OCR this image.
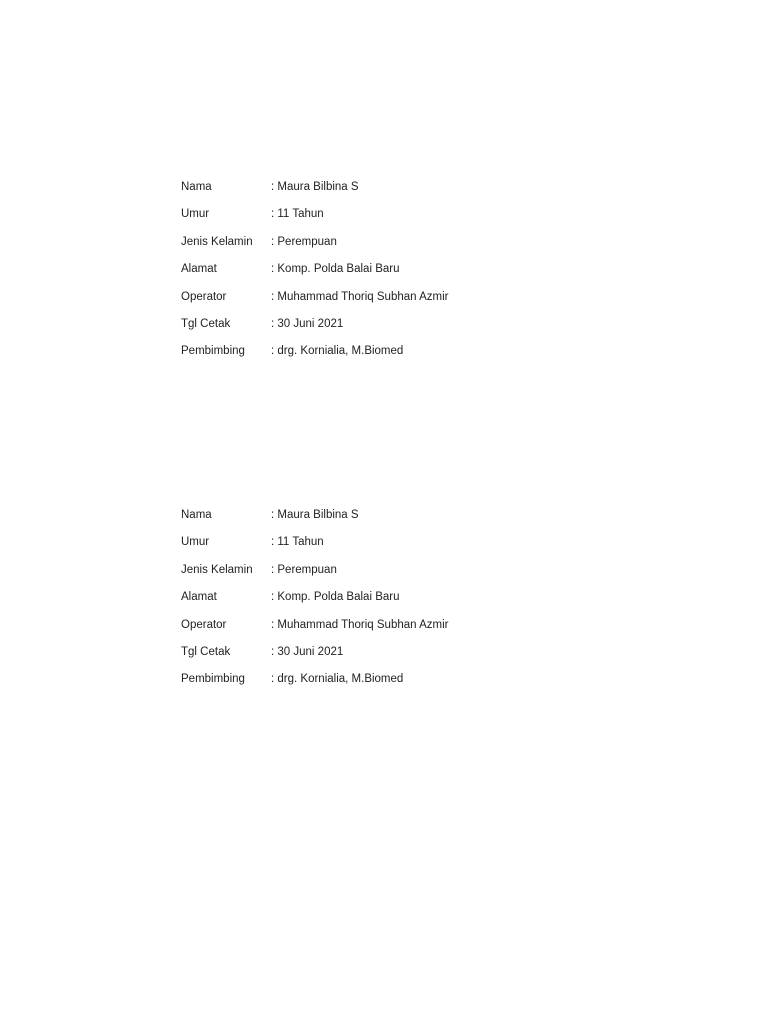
Nama	: Maura Bilbina S
Umur	: 11 Tahun
Jenis Kelamin	: Perempuan
Alamat	: Komp. Polda Balai Baru
Operator	: Muhammad Thoriq Subhan Azmir
Tgl Cetak	: 30 Juni 2021
Pembimbing	: drg. Kornialia, M.Biomed
Nama	: Maura Bilbina S
Umur	: 11 Tahun
Jenis Kelamin	: Perempuan
Alamat	: Komp. Polda Balai Baru
Operator	: Muhammad Thoriq Subhan Azmir
Tgl Cetak	: 30 Juni 2021
Pembimbing	: drg. Kornialia, M.Biomed
